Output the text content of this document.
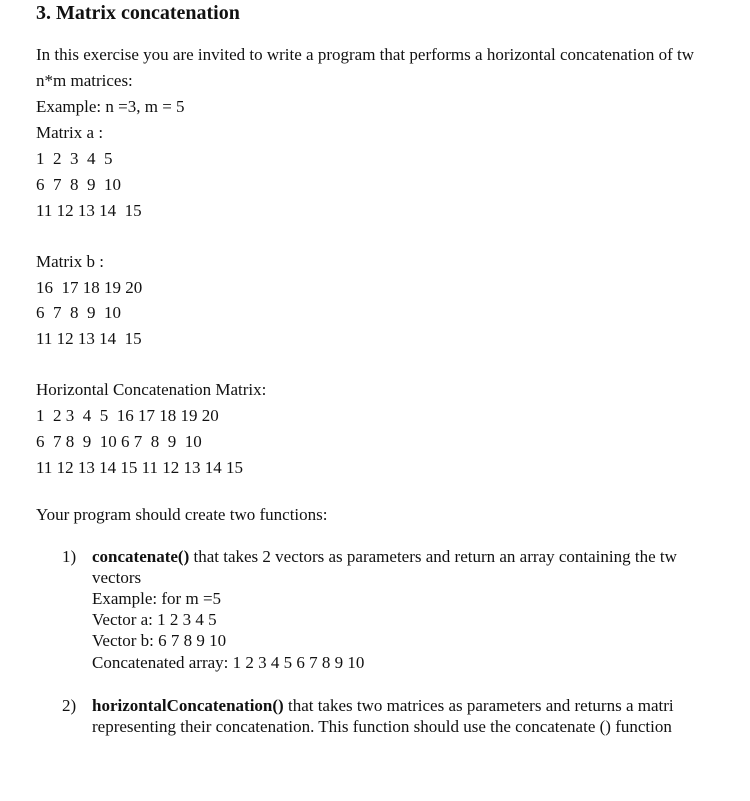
3. Matrix concatenation
In this exercise you are invited to write a program that performs a horizontal concatenation of tw
n*m matrices:
Example: n =3, m = 5
Matrix a :
1  2  3  4  5
6  7  8  9  10
11 12 13 14  15
Matrix b :
16  17 18 19 20
6  7  8  9  10
11 12 13 14  15
Horizontal Concatenation Matrix:
1  2 3  4  5  16 17 18 19 20
6  7 8  9  10 6 7  8  9  10
11 12 13 14 15 11 12 13 14 15
Your program should create two functions:
1) concatenate() that takes 2 vectors as parameters and return an array containing the tw
vectors
Example: for m =5
Vector a: 1 2 3 4 5
Vector b: 6 7 8 9 10
Concatenated array: 1 2 3 4 5 6 7 8 9 10
2) horizontalConcatenation() that takes two matrices as parameters and returns a matri
representing their concatenation. This function should use the concatenate () function
